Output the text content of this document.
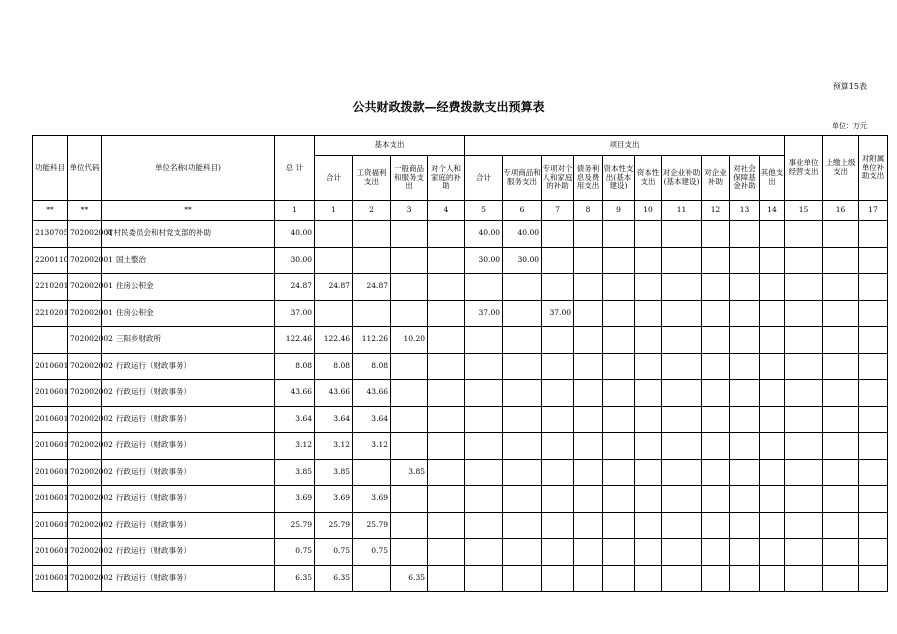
预算15表
公共财政拨款—经费拨款支出预算表
单位：万元
功能科目	单位代码	单位名称(功能科目)	总 计	基本支出				项目支出										事业单位经营支出	上缴上级支出	对附属单位补助支出
				合计	工资福利支出	一般商品和服务支出	对个人和家庭的补助	合计	专项商品和服务支出	专项对个人和家庭的补助	债务利息及费用支出	资本性支出(基本建设)	资本性支出	对企业补助(基本建设)	对企业补助	对社会保障基金补助	其他支出			
**	**	**	1	1	2	3	4	5	6	7	8	9	10	11	12	13	14	15	16	17
2130705	702002001	对村民委员会和村党支部的补助	40.00					40.00	40.00											
2200110	702002001	国土整治	30.00					30.00	30.00											
2210201	702002001	住房公积金	24.87	24.87	24.87															
2210201	702002001	住房公积金	37.00					37.00		37.00										
	702002002	三阳乡财政所	122.46	122.46	112.26	10.20														
2010601	702002002	行政运行（财政事务）	8.08	8.08	8.08															
2010601	702002002	行政运行（财政事务）	43.66	43.66	43.66															
2010601	702002002	行政运行（财政事务）	3.64	3.64	3.64															
2010601	702002002	行政运行（财政事务）	3.12	3.12	3.12															
2010601	702002002	行政运行（财政事务）	3.85	3.85		3.85														
2010601	702002002	行政运行（财政事务）	3.69	3.69	3.69															
2010601	702002002	行政运行（财政事务）	25.79	25.79	25.79															
2010601	702002002	行政运行（财政事务）	0.75	0.75	0.75															
2010601	702002002	行政运行（财政事务）	6.35	6.35		6.35														
